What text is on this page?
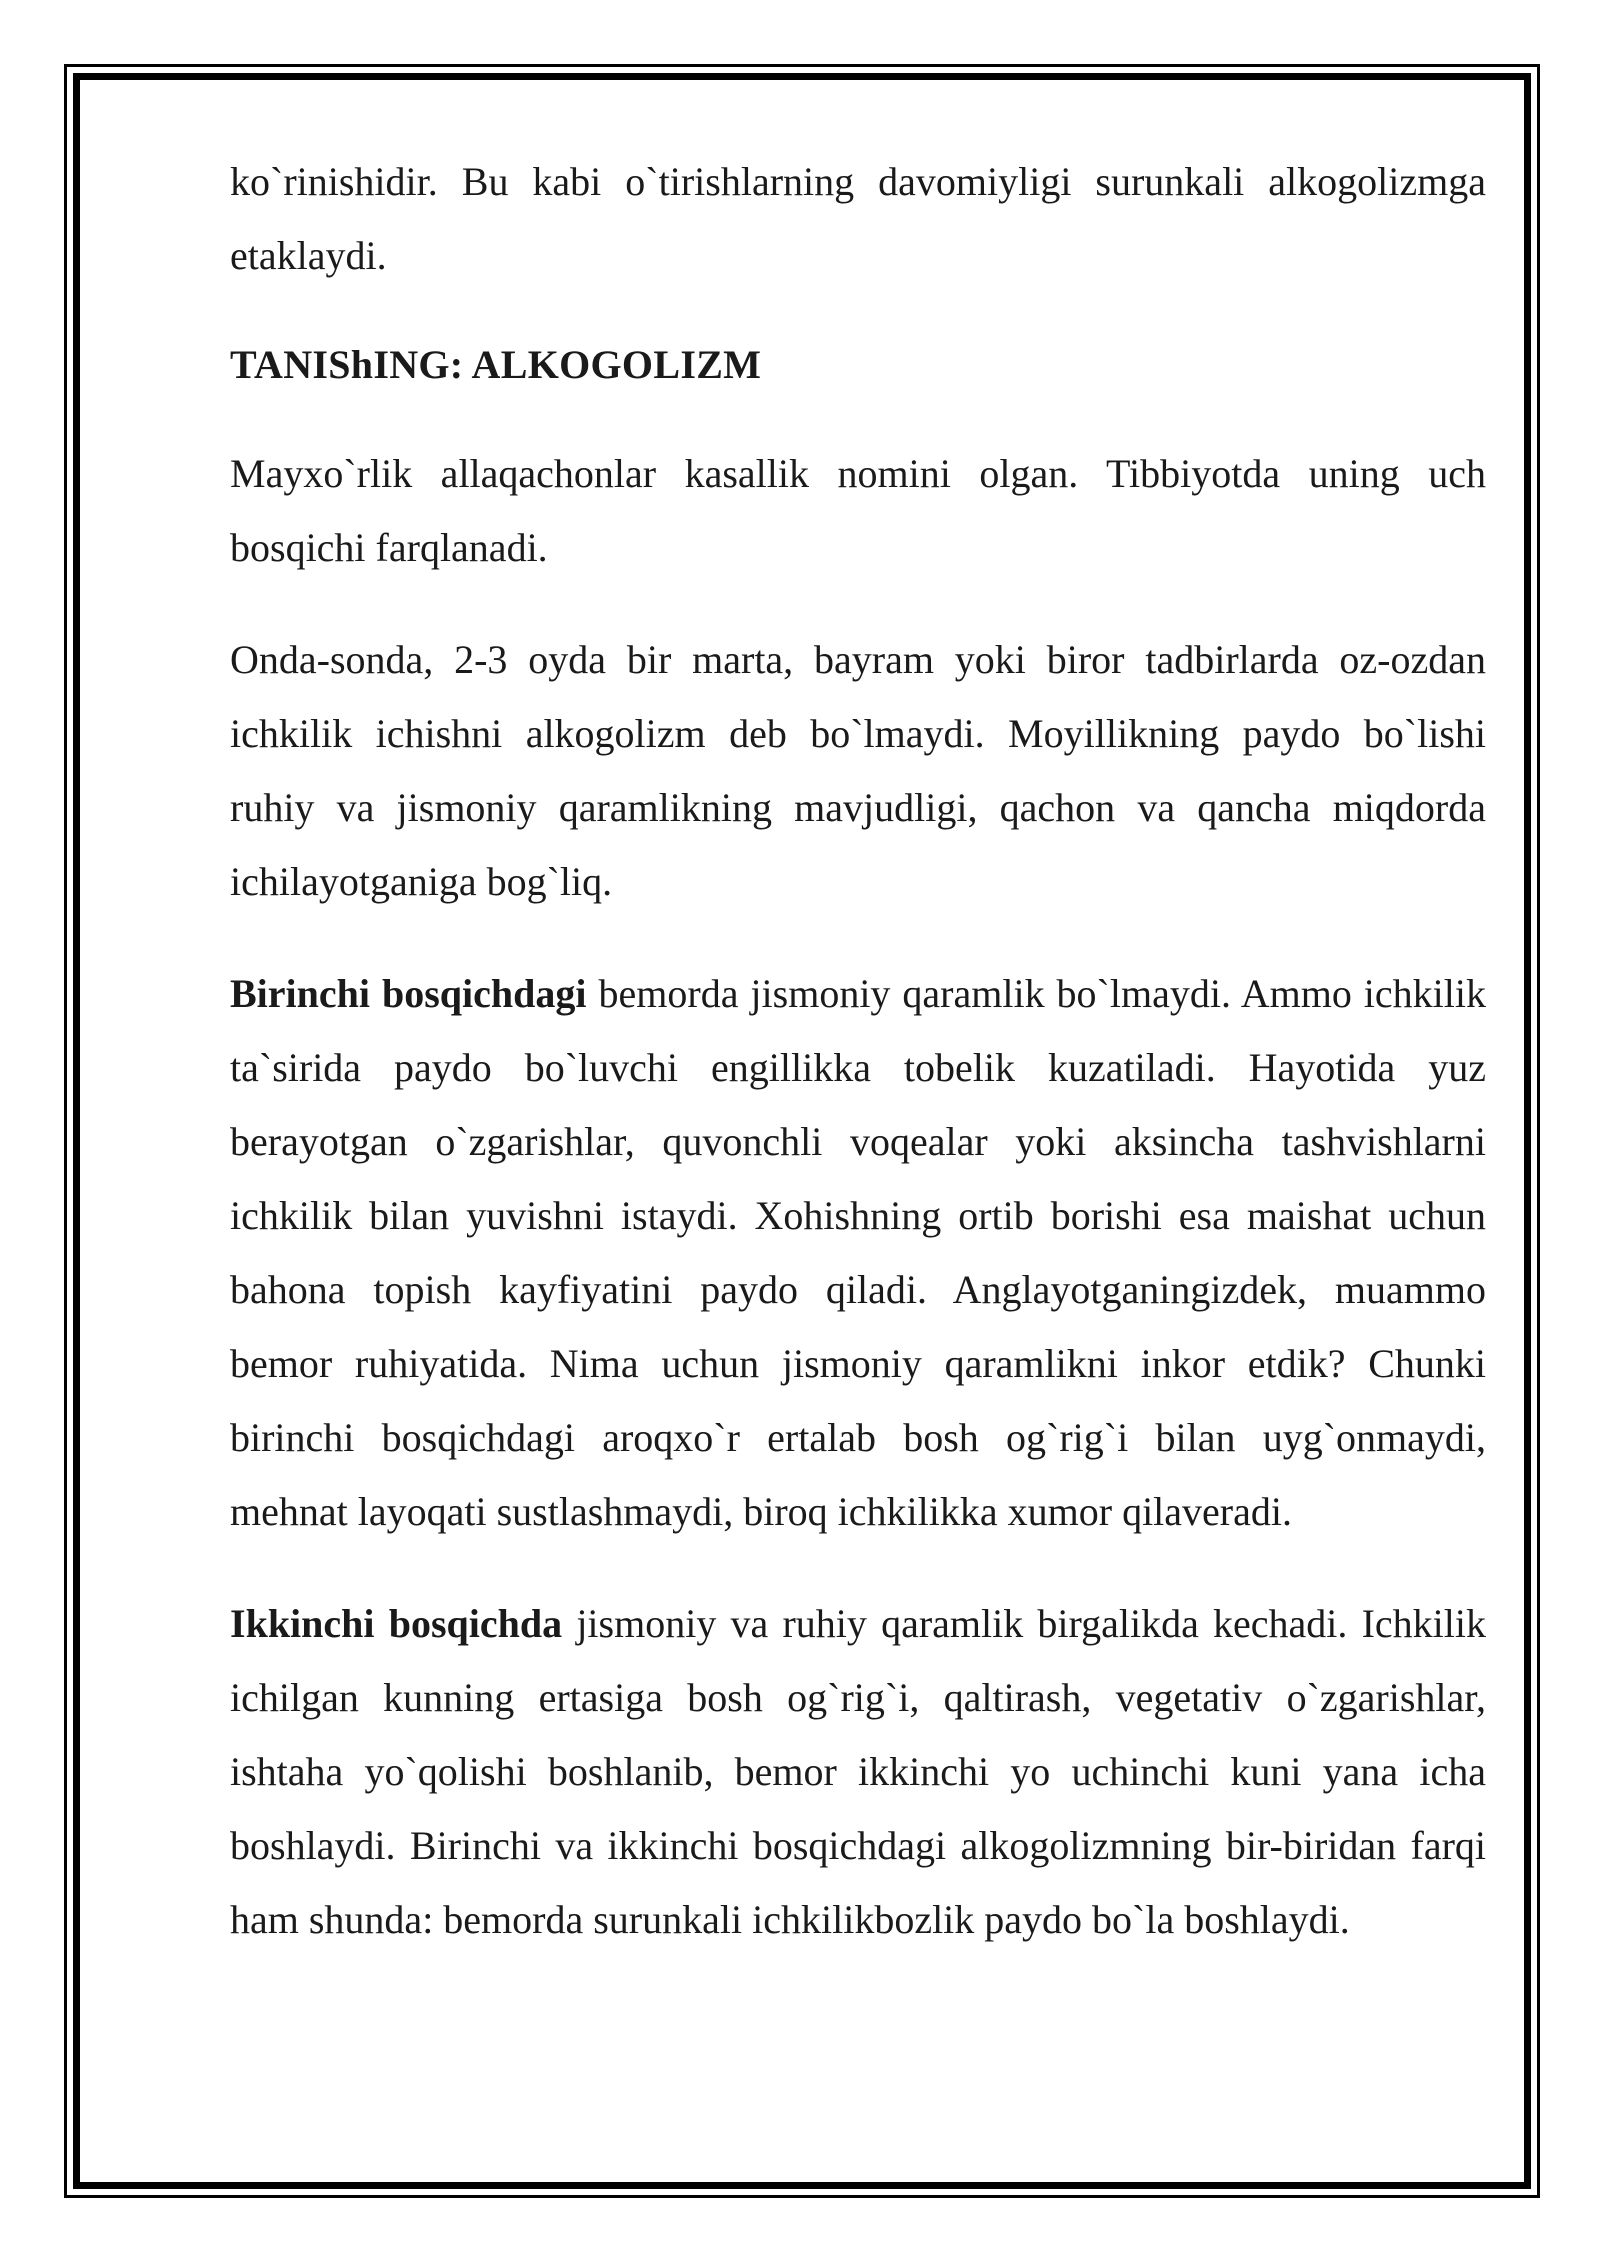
ko`rinishidir. Bu kabi o`tirishlarning davomiyligi surunkali alkogolizmga etaklaydi.

TANIShING: ALKOGOLIZM

Mayxo`rlik allaqachonlar kasallik nomini olgan. Tibbiyotda uning uch bosqichi farqlanadi.

Onda-sonda, 2-3 oyda bir marta, bayram yoki biror tadbirlarda oz-ozdan ichkilik ichishni alkogolizm deb bo`lmaydi. Moyillikning paydo bo`lishi ruhiy va jismoniy qaramlikning mavjudligi, qachon va qancha miqdorda ichilayotganiga bog`liq.

Birinchi bosqichdagi bemorda jismoniy qaramlik bo`lmaydi. Ammo ichkilik ta`sirida paydo bo`luvchi engillikka tobelik kuzatiladi. Hayotida yuz berayotgan o`zgarishlar, quvonchli voqealar yoki aksincha tashvishlarni ichkilik bilan yuvishni istaydi. Xohishning ortib borishi esa maishat uchun bahona topish kayfiyatini paydo qiladi. Anglayotganingizdek, muammo bemor ruhiyatida. Nima uchun jismoniy qaramlikni inkor etdik? Chunki birinchi bosqichdagi aroqxo`r ertalab bosh og`rig`i bilan uyg`onmaydi, mehnat layoqati sustlashmaydi, biroq ichkilikka xumor qilaveradi.

Ikkinchi bosqichda jismoniy va ruhiy qaramlik birgalikda kechadi. Ichkilik ichilgan kunning ertasiga bosh og`rig`i, qaltirash, vegetativ o`zgarishlar, ishtaha yo`qolishi boshlanib, bemor ikkinchi yo uchinchi kuni yana icha boshlaydi. Birinchi va ikkinchi bosqichdagi alkogolizmning bir-biridan farqi ham shunda: bemorda surunkali ichkilikbozlik paydo bo`la boshlaydi.
